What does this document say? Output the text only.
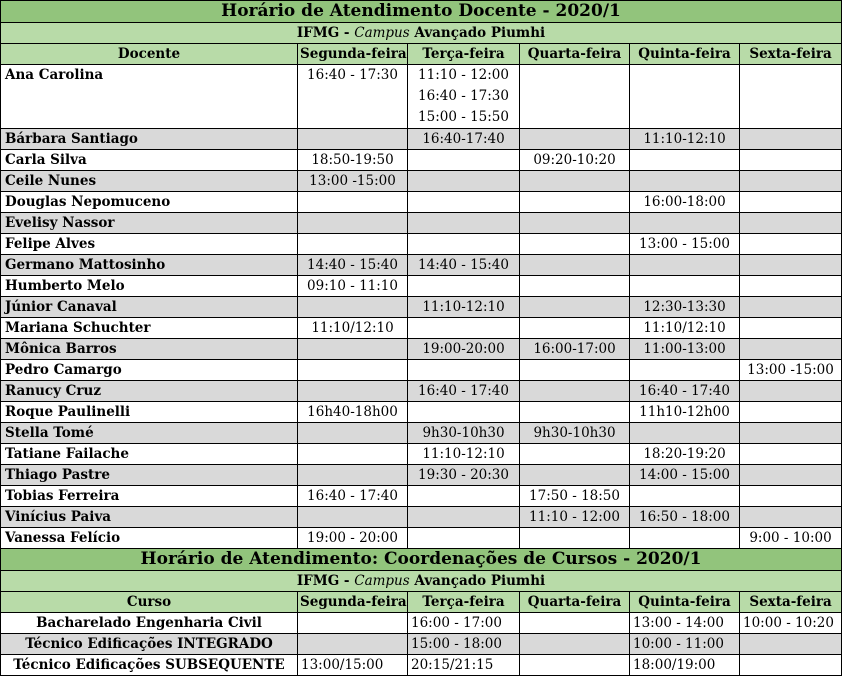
Horário de Atendimento Docente - 2020/1					
IFMG - Campus Avançado Piumhi					
Docente	Segunda-feira	Terça-feira	Quarta-feira	Quinta-feira	Sexta-feira
Ana Carolina	16:40 - 17:30	11:10 - 12:00
16:40 - 17:30
15:00 - 15:50			

Bárbara Santiago		16:40-17:40		11:10-12:10	
Carla Silva	18:50-19:50		09:20-10:20		
Ceile Nunes	13:00 -15:00				
Douglas Nepomuceno				16:00-18:00	
Evelisy Nassor					
Felipe Alves				13:00 - 15:00	
Germano Mattosinho	14:40 - 15:40	14:40 - 15:40			
Humberto Melo	09:10 - 11:10				
Júnior Canaval		11:10-12:10		12:30-13:30	
Mariana Schuchter	11:10/12:10			11:10/12:10	
Mônica Barros		19:00-20:00	16:00-17:00	11:00-13:00	
Pedro Camargo					13:00 -15:00
Ranucy Cruz		16:40 - 17:40		16:40 - 17:40	
Roque Paulinelli	16h40-18h00			11h10-12h00	
Stella Tomé		9h30-10h30	9h30-10h30		
Tatiane Failache		11:10-12:10		18:20-19:20	
Thiago Pastre		19:30 - 20:30		14:00 - 15:00	
Tobias Ferreira	16:40 - 17:40		17:50 - 18:50		
Vinícius Paiva			11:10 - 12:00	16:50 - 18:00	
Vanessa Felício	19:00 - 20:00				9:00 - 10:00
Horário de Atendimento: Coordenações de Cursos - 2020/1					
IFMG - Campus Avançado Piumhi					
Curso	Segunda-feira	Terça-feira	Quarta-feira	Quinta-feira	Sexta-feira
Bacharelado Engenharia Civil		16:00 - 17:00		13:00 - 14:00	10:00 - 10:20
Técnico Edificações INTEGRADO		15:00 - 18:00		10:00 - 11:00	
Técnico Edificações SUBSEQUENTE	13:00/15:00	20:15/21:15		18:00/19:00	
